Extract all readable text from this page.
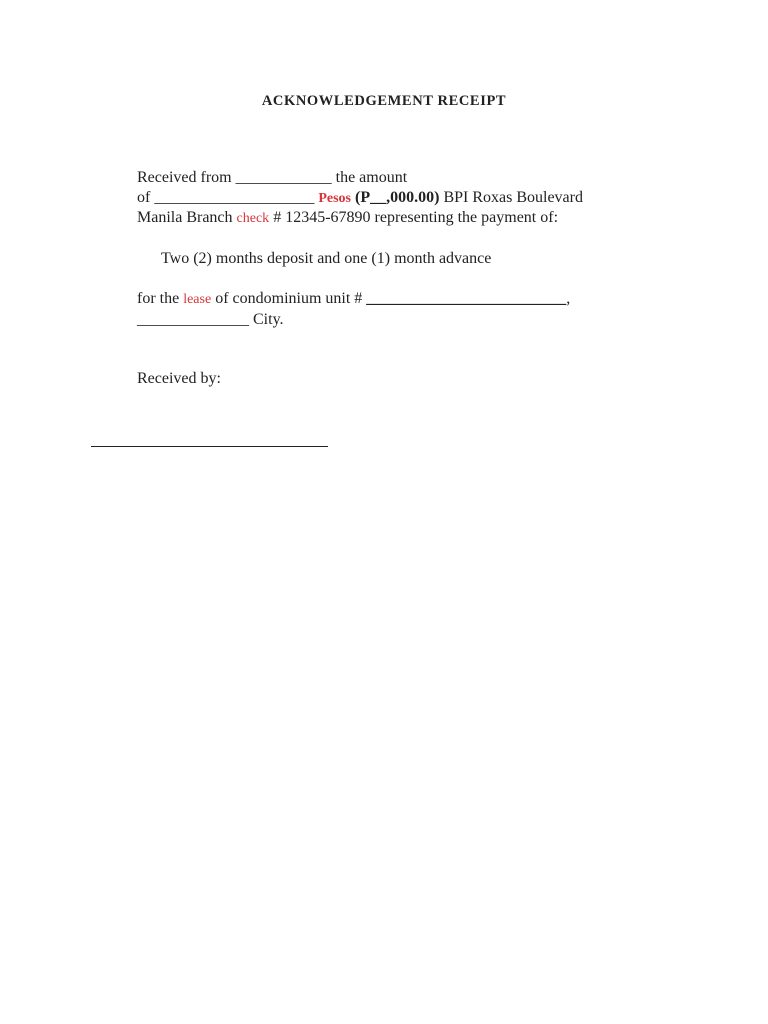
ACKNOWLEDGEMENT RECEIPT
Received from ____________ the amount
of ____________________ Pesos (P__,000.00) BPI Roxas Boulevard
Manila Branch check # 12345-67890 representing the payment of:
Two (2) months deposit and one (1) month advance
for the lease of condominium unit # _________________________,
______________ City.
Received by:
